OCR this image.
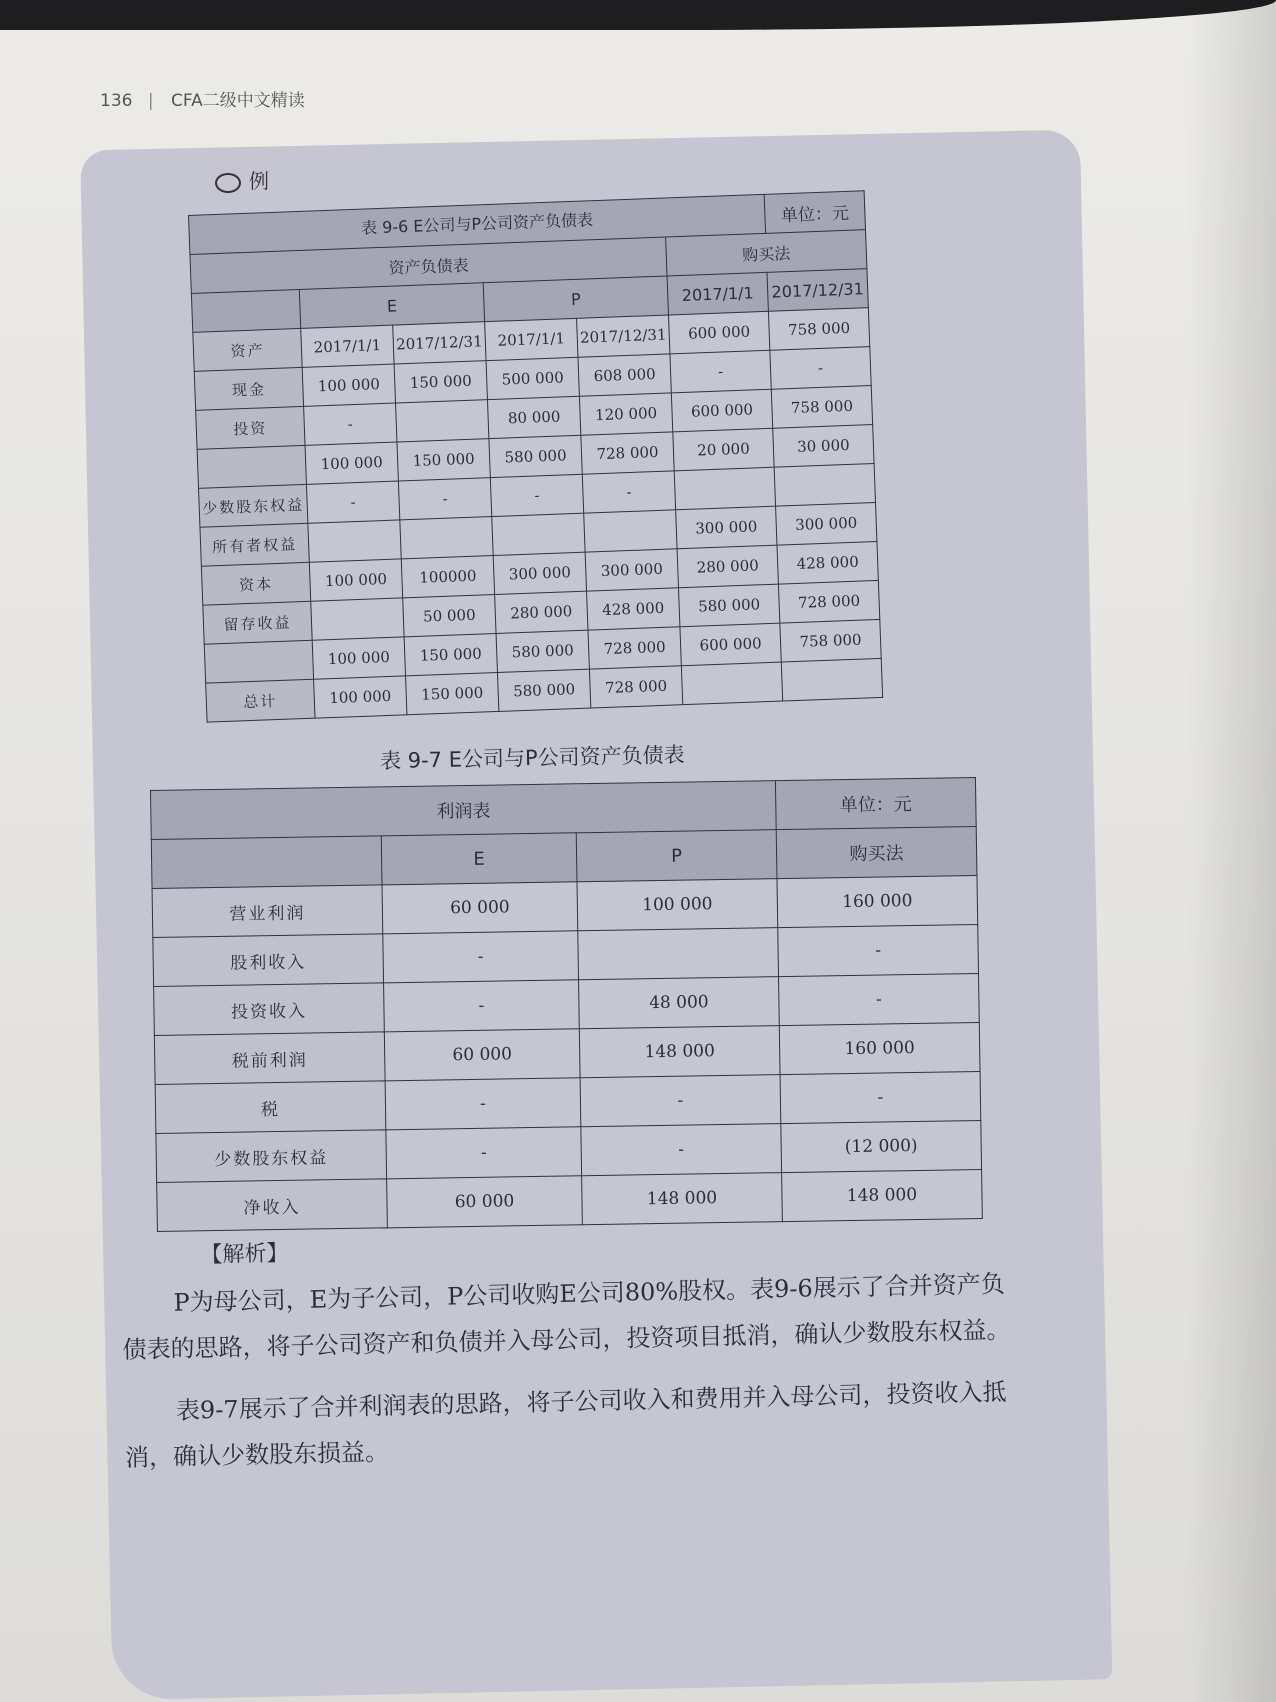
136 | CFA二级中文精读
例
表 9-6 E公司与P公司资产负债表						单位：元
资产负债表					购买法	
	E		P		2017/1/1	2017/12/31
资产	2017/1/1	2017/12/31	2017/1/1	2017/12/31	600 000	758 000
现金	100 000	150 000	500 000	608 000	-	-
投资	-		80 000	120 000	600 000	758 000
	100 000	150 000	580 000	728 000	20 000	30 000
少数股东权益	-	-	-	-		
所有者权益					300 000	300 000
资本	100 000	100000	300 000	300 000	280 000	428 000
留存收益		50 000	280 000	428 000	580 000	728 000
	100 000	150 000	580 000	728 000	600 000	758 000
总计	100 000	150 000	580 000	728 000		
表 9-7 E公司与P公司资产负债表
利润表			单位：元
	E	P	购买法
营业利润	60 000	100 000	160 000
股利收入	-		-
投资收入	-	48 000	-
税前利润	60 000	148 000	160 000
税	-	-	-
少数股东权益	-	-	(12 000)
净收入	60 000	148 000	148 000
【解析】

P为母公司，E为子公司，P公司收购E公司80%股权。表9-6展示了合并资产负债表的思路，将子公司资产和负债并入母公司，投资项目抵消，确认少数股东权益。

表9-7展示了合并利润表的思路，将子公司收入和费用并入母公司，投资收入抵消，确认少数股东损益。
